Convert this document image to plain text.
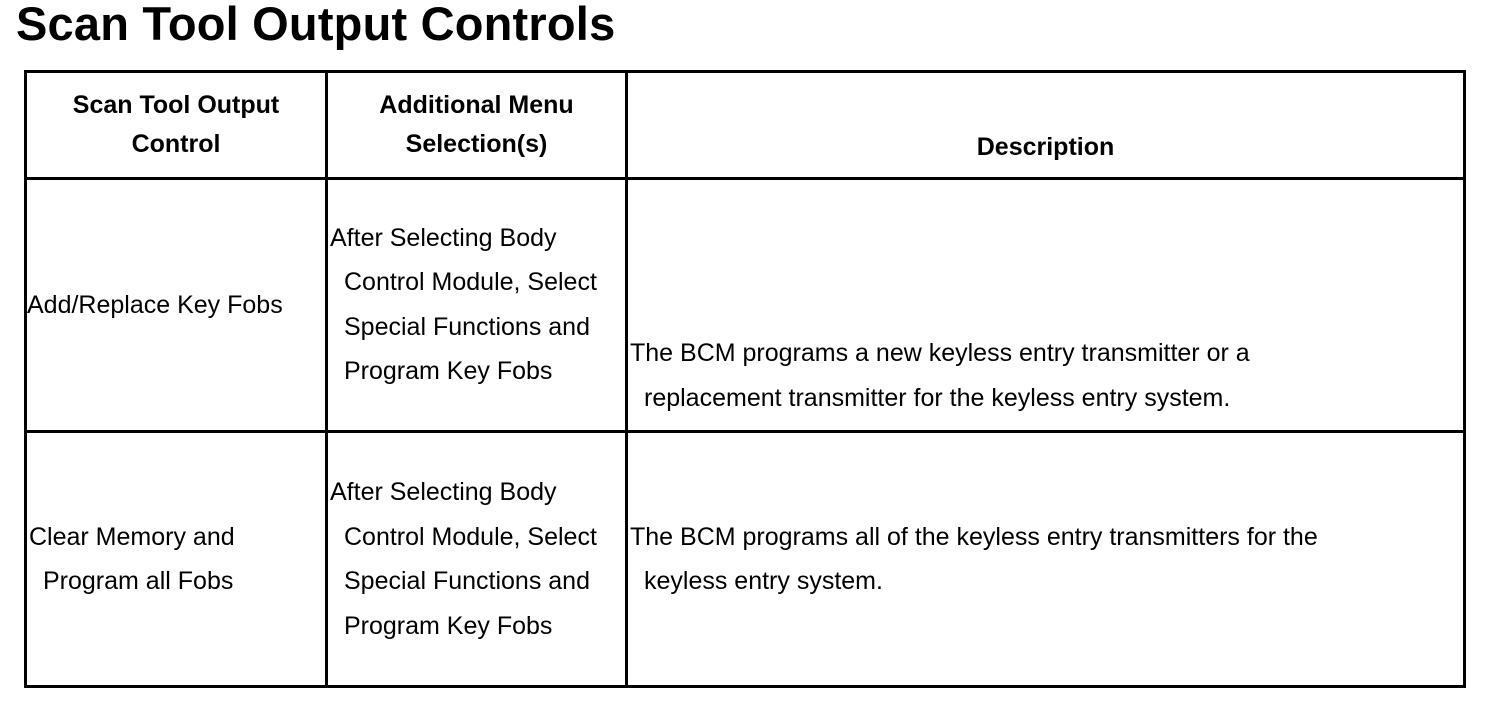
Scan Tool Output Controls
Scan Tool Output Control	Additional Menu Selection(s)	Description
Add/Replace Key Fobs	After Selecting Body Control Module, Select Special Functions and Program Key Fobs	The BCM programs a new keyless entry transmitter or a replacement transmitter for the keyless entry system.

Clear Memory and Program all Fobs	After Selecting Body Control Module, Select Special Functions and Program Key Fobs	The BCM programs all of the keyless entry transmitters for the keyless entry system.
